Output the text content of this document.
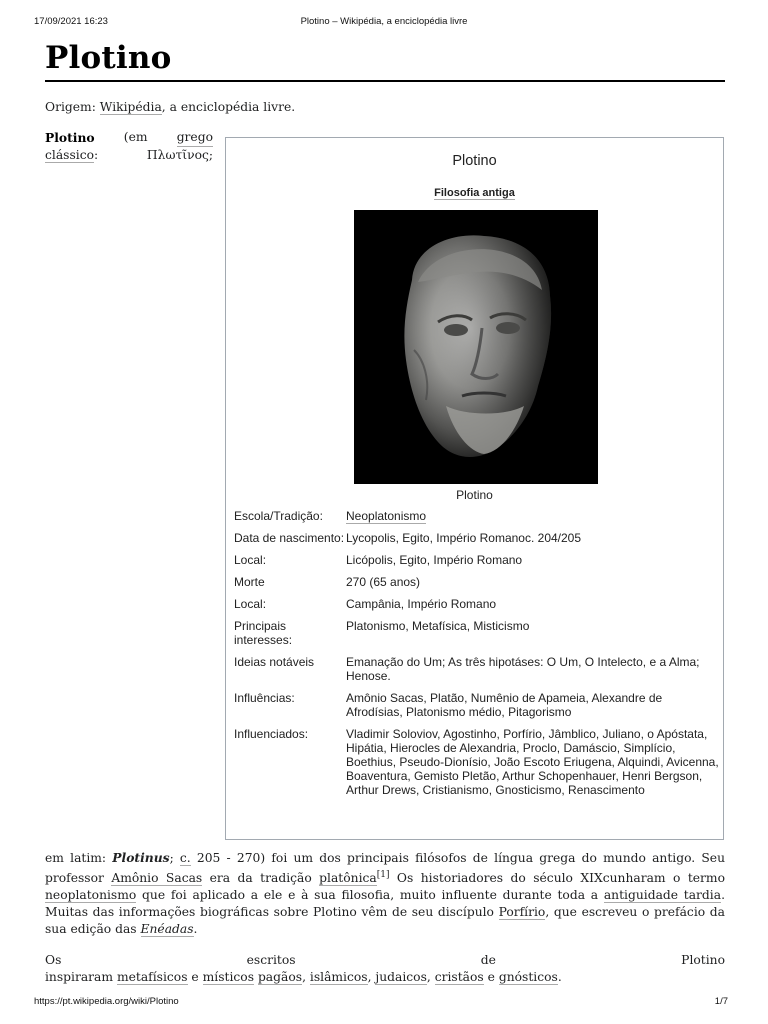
17/09/2021 16:23	Plotino – Wikipédia, a enciclopédia livre
Plotino
Origem: Wikipédia, a enciclopédia livre.
Plotino (em grego
clássico:	Πλωτῖνος;	Plotino
Filosofia antiga
Plotino
Escola/Tradição:	Neoplatonismo
Data de nascimento: Lycopolis, Egito, Império Romanoc. 204/205
Local:	Licópolis, Egito, Império Romano
Morte	270 (65 anos)
Local:	Campânia, Império Romano
Principais interesses:
Platonismo, Metafísica, Misticismo
Ideias notáveis	Emanação do Um; As três hipotáses: O Um, O Intelecto, e a Alma; Henose.
Influências:	Amônio Sacas, Platão, Numênio de Apameia, Alexandre de Afrodísias, Platonismo médio, Pitagorismo
Influenciados:	Vladimir Soloviov, Agostinho, Porfírio, Jâmblico, Juliano, o Apóstata, Hipátia, Hierocles de Alexandria, Proclo, Damáscio, Simplício, Boethius, Pseudo-Dionísio, João Escoto Eriugena, Alquindi, Avicenna, Boaventura, Gemisto Pletão, Arthur Schopenhauer, Henri Bergson, Arthur Drews, Cristianismo, Gnosticismo, Renascimento
em latim: Plotinus; c. 205 - 270) foi um dos principais filósofos de língua grega do mundo antigo. Seu professor Amônio Sacas era da tradição platônica[1] Os historiadores do século XIXcunharam o termo neoplatonismo que foi aplicado a ele e à sua filosofia, muito influente durante toda a antiguidade tardia. Muitas das informações biográficas sobre Plotino vêm de seu discípulo Porfírio, que escreveu o prefácio da sua edição das Enéadas.
Os	escritos	de	Plotino
inspiraram metafísicos e místicos pagãos, islâmicos, judaicos, cristãos e gnósticos.
https://pt.wikipedia.org/wiki/Plotino	1/7
